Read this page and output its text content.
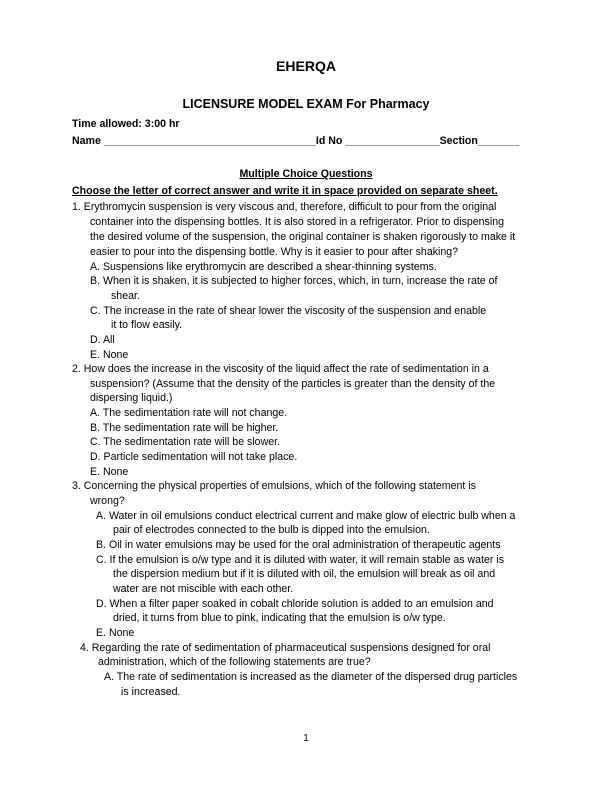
EHERQA
LICENSURE MODEL EXAM For Pharmacy
Time allowed: 3:00 hr
Name ____________________________________Id No ________________Section_______
Multiple Choice Questions
Choose the letter of correct answer and write it in space provided on separate sheet.
1. Erythromycin suspension is very viscous and, therefore, difficult to pour from the original
container into the dispensing bottles. It is also stored in a refrigerator. Prior to dispensing
the desired volume of the suspension, the original container is shaken rigorously to make it
easier to pour into the dispensing bottle. Why is it easier to pour after shaking?
A. Suspensions like erythromycin are described a shear-thinning systems.
B. When it is shaken, it is subjected to higher forces, which, in turn, increase the rate of
shear.
C. The increase in the rate of shear lower the viscosity of the suspension and enable
it to flow easily.
D. All
E. None
2. How does the increase in the viscosity of the liquid affect the rate of sedimentation in a
suspension? (Assume that the density of the particles is greater than the density of the
dispersing liquid.)
A. The sedimentation rate will not change.
B. The sedimentation rate will be higher.
C. The sedimentation rate will be slower.
D. Particle sedimentation will not take place.
E. None
3. Concerning the physical properties of emulsions, which of the following statement is
wrong?
A. Water in oil emulsions conduct electrical current and make glow of electric bulb when a
pair of electrodes connected to the bulb is dipped into the emulsion.
B. Oil in water emulsions may be used for the oral administration of therapeutic agents
C. If the emulsion is o/w type and it is diluted with water, it will remain stable as water is
the dispersion medium but if it is diluted with oil, the emulsion will break as oil and
water are not miscible with each other.
D. When a filter paper soaked in cobalt chloride solution is added to an emulsion and
dried, it turns from blue to pink, indicating that the emulsion is o/w type.
E. None
4. Regarding the rate of sedimentation of pharmaceutical suspensions designed for oral
administration, which of the following statements are true?
A. The rate of sedimentation is increased as the diameter of the dispersed drug particles
is increased.
1
